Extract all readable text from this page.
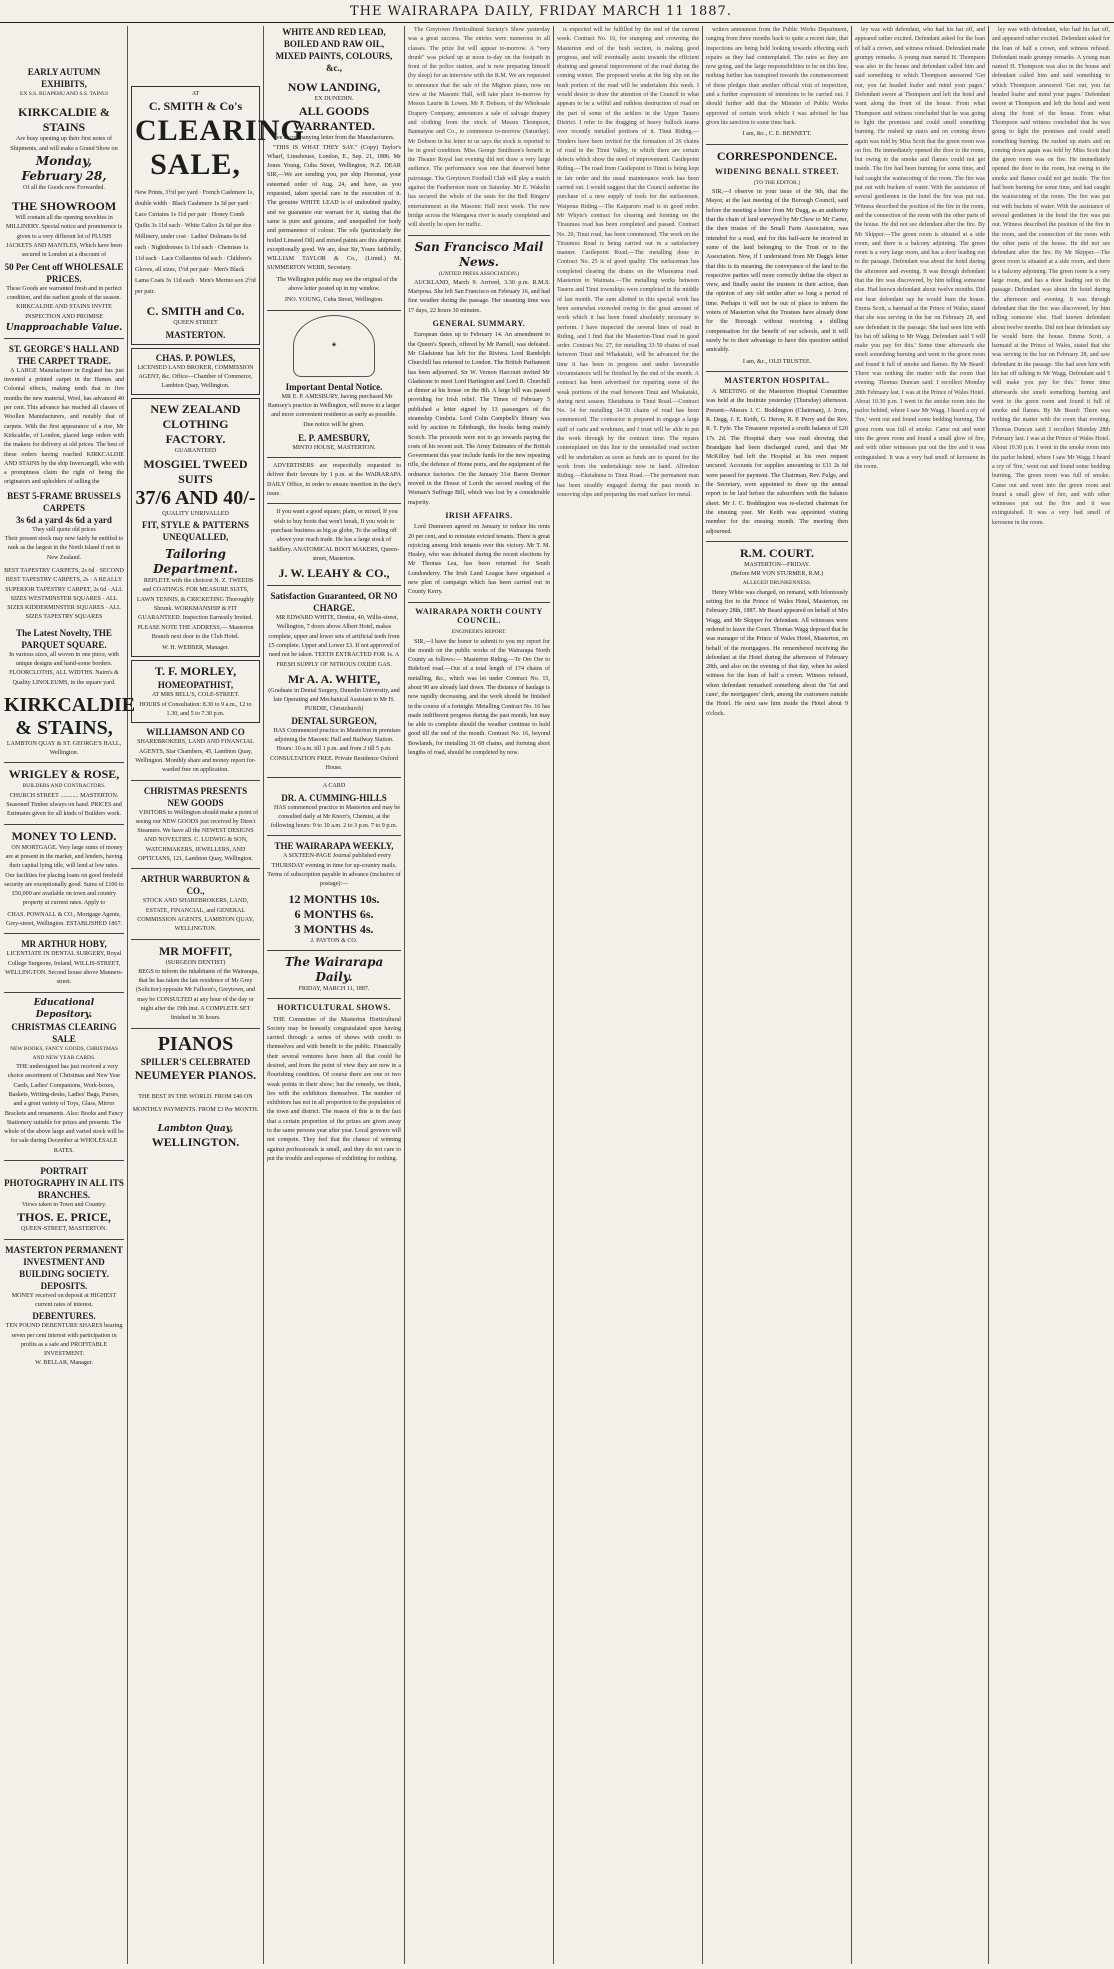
THE WAIRARAPA DAILY, FRIDAY MARCH 11 1887.
EARLY AUTUMN EXHIBITS,
EX S.S. RUAPEHU AND S.S. TAINUI
KIRKCALDIE & STAINS
Are busy opening up their first notes of Shipments, and will make a Grand Show on
Monday, February 28,
Of all the Goods now Forwarded.
THE SHOWROOM
Will contain all the opening novelties in MILLINERY. Special notice and prominence is given to a very different lot of PLUSH JACKETS AND MANTLES, Which have been secured in London at a discount of
50 Per Cent off WHOLESALE PRICES.
These Goods are warranted fresh and in perfect condition, and the earliest goods of the season. KIRKCALDIE AND STAINS INVITE INSPECTION AND PROMISE
Unapproachable Value.
ST. GEORGE'S HALL AND THE CARPET TRADE.

A LARGE Manufacturer in England has just invented a printed carpet in the Hames and Colonial effects, making tenth that in five months the new material, Wool, has advanced 40 per cent. This advance has reached all classes of Woollen Manufacturers, and notably that of carpets. With the first appearance of a rise, Mr Kirkcaldie, of London, placed large orders with the makers for delivery at old prices. The best of these orders having reached KIRKCALDIE AND STAINS by the ship Invercargill, who with a promptness claim the right of being the originators and upholders of selling the

BEST 5-FRAME BRUSSELS CARPETS
3s 6d a yard 4s 6d a yard
They still quote old prices
Their present stock may now fairly be entitled to rank as the largest in the North Island if not in New Zealand.
BEST TAPESTRY CARPETS, 2s 6d · SECOND BEST TAPESTRY CARPETS, 2s · A REALLY SUPERIOR TAPESTRY CARPET, 2s 6d · ALL SIZES WESTMINSTER SQUARES · ALL SIZES KIDDERMINSTER SQUARES · ALL SIZES TAPESTRY SQUARES
The Latest Novelty, THE PARQUET SQUARE.
In various sizes, all woven in one piece, with unique designs and hand-some borders.
FLOORCLOTHS, ALL WIDTHS. Nairn's & Quality LINOLEUMS, in the square yard.
KIRKCALDIE & STAINS,
LAMBTON QUAY & ST. GEORGE'S HALL, Wellington.
WRIGLEY & ROSE,
BUILDERS AND CONTRACTORS.
CHURCH STREET ............ MASTERTON.
Seasoned Timber always on hand. PRICES and Estimates given for all kinds of Builders work.
MONEY TO LEND.

ON MORTGAGE. Very large sums of money are at present in the market, and lenders, having their capital lying idle, will lend at low rates. Our facilities for placing loans on good freehold security are exceptionally good. Sums of £100 to £50,000 are available on town and country property at current rates. Apply to

CHAS. POWNALL & CO., Mortgage Agents, Grey-street, Wellington. ESTABLISHED 1867.
MR ARTHUR HOBY,
LICENTIATE IN DENTAL SURGERY, Royal College Surgeons, Ireland, WILLIS-STREET, WELLINGTON. Second house above Manners-street.
Educational Depository.
CHRISTMAS CLEARING SALE
NEW BOOKS, FANCY GOODS, CHRISTMAS AND NEW YEAR CARDS.

THE undersigned has just received a very choice assortment of Christmas and New Year Cards, Ladies' Companions, Work-boxes, Baskets, Writing-desks, Ladies' Bags, Purses, and a great variety of Toys, Glass, Mirror Brackets and ornaments. Also: Books and Fancy Stationery suitable for prizes and presents. The whole of the above large and varied stock will be for sale during December at WHOLESALE RATES.

PORTRAIT PHOTOGRAPHY IN ALL ITS BRANCHES.
Views taken in Town and Country.
THOS. E. PRICE,
QUEEN-STREET, MASTERTON.
MASTERTON PERMANENT INVESTMENT AND BUILDING SOCIETY.
DEPOSITS.
MONEY received on deposit at HIGHEST current rates of interest.
DEBENTURES.
TEN POUND DEBENTURE SHARES bearing seven per cent interest with participation in profits as a safe and PROFITABLE INVESTMENT.
W. BELLAR, Manager.
AT
C. SMITH & Co's
CLEARING SALE,
New Prints, 3½d per yard · French Cashmere 1s, double width · Black Cashmere 1s 3d per yard · Lace Curtains 1s 11d per pair · Honey Comb Quilts 3s 11d each · White Calico 2s 6d per doz · Millinery, under cost · Ladies' Dolmans 6s 6d each · Nightdresses 1s 11d each · Chemises 1s 11d each · Lace Collarettes 6d each · Children's Gloves, all sizes, 1½d per pair · Men's Black Lama Coats 3s 11d each · Men's Merino sox 2½d per pair.
C. SMITH and Co.
QUEEN STREET
MASTERTON.
CHAS. P. POWLES,
LICENSED LAND BROKER, COMMISSION AGENT, &c. Office—Chamber of Commerce, Lambton Quay, Wellington.
NEW ZEALAND CLOTHING FACTORY.
GUARANTEED
MOSGIEL TWEED SUITS
37/6 AND 40/-
QUALITY UNRIVALLED
FIT, STYLE & PATTERNS UNEQUALLED,
Tailoring Department.

REPLETE with the choicest N. Z. TWEEDS and COATINGS. FOR MEASURE SUITS, LAWN TENNIS, & CRICKETING Thoroughly Shrunk. WORKMANSHIP & FIT GUARANTEED. Inspection Earnestly Invited. PLEASE NOTE THE ADDRESS,— Masterton Branch next door to the Club Hotel.

W. H. WEBBER, Manager.
T. F. MORLEY,
HOMEOPATHIST,
AT MRS BELL'S, COLE-STREET.
HOURS of Consultation: 8.30 to 9 a.m., 12 to 1.30, and 5 to 7.30 p.m.
WILLIAMSON AND CO
SHAREBROKERS, LAND AND FINANCIAL AGENTS, Star Chambers, 45, Lambton Quay, Wellington. Monthly share and money report for-warded free on application.
CHRISTMAS PRESENTS
NEW GOODS

VISITORS to Wellington should make a point of seeing our NEW GOODS just received by Direct Steamers. We have all the NEWEST DESIGNS AND NOVELTIES. C. LUDWIG & SON, WATCHMAKERS, JEWELLERS, AND OPTICIANS, 121, Lambton Quay, Wellington.

ARTHUR WARBURTON & CO.,
STOCK AND SHAREBROKERS, LAND, ESTATE, FINANCIAL, and GENERAL COMMISSION AGENTS, LAMBTON QUAY, WELLINGTON.
MR MOFFIT,
(SURGEON DENTIST)

BEGS to inform the inhabitants of the Wairarapa, that he has taken the late residence of Mr Grey (Solicitor) opposite Mr Falloon's, Greytown, and may be CONSULTED at any hour of the day or night after the 19th inst. A COMPLETE SET finished in 36 hours.

PIANOS
SPILLER'S CELEBRATED
NEUMEYER PIANOS.
THE BEST IN THE WORLD. FROM £40 ON MONTHLY PAYMENTS. FROM £3 Per MONTH.
Lambton Quay,
WELLINGTON.
WHITE AND RED LEAD,
BOILED AND RAW OIL,
MIXED PAINTS, COLOURS, &c.,
NOW LANDING,
EX DUNEDIN.
ALL GOODS WARRANTED.
See accompanying letter from the Manufacturers.

"THIS IS WHAT THEY SAY." (Copy) Taylor's Wharf, Limehouse, London, E., Sep. 21, 1886. Mr Jones Young, Cuba Street, Wellington, N.Z. DEAR SIR,—We are sending you, per ship Horomai, your esteemed order of Aug. 24, and have, as you requested, taken special care in the execution of it. The genuine WHITE LEAD is of undoubted quality, and we guarantee our warrant for it, stating that the same is pure and genuine, and unequalled for body and permanence of colour. The oils (particularly the boiled Linseed Oil) and mixed paints are this shipment exceptionally good. We are, dear Sir, Yours faithfully, WILLIAM TAYLOR & Co., (Limtd.) M. SUMMERTON WEBB, Secretary.

The Wellington public may see the original of the above letter posted up in my window.

JNO. YOUNG, Cuba Street, Wellington.
◈
Important Dental Notice.

MR E. P. AMESBURY, having purchased Mr Ramsey's practice in Wellington, will move to a larger and more convenient residence as early as possible. Due notice will be given.

E. P. AMESBURY,
MINTO HOUSE, MASTERTON.

ADVERTISERS are respectfully requested to deliver their favours by 1 p.m. at the WAIRARAPA DAILY Office, in order to ensure insertion in the day's issue.

If you want a good square, plain, or mixed, If you wish to buy boots that won't break, If you wish to purchase business as big as globe, To the selling off above your reach trade. He has a large stock of Saddlery. ANATOMICAL BOOT MAKERS, Queen-street, Masterton.

J. W. LEAHY & CO.,
Satisfaction Guaranteed, OR NO CHARGE.

MR EDWARD WHITE, Dentist, 40, Willis-street, Wellington, 7 doors above Albert Hotel, makes complete, upper and lower sets of artificial teeth from £5 complete. Upper and Lower £3. If not approved of need not be taken. TEETH EXTRACTED FOR 1s. A FRESH SUPPLY OF NITROUS OXIDE GAS.

Mr A. A. WHITE,
(Graduate in Dental Surgery, Dunedin University, and late Operating and Mechanical Assistant to Mr H. PURDIE, Christchurch)
DENTAL SURGEON,

HAS Commenced practice in Masterton in premises adjoining the Masonic Hall and Railway Station. Hours: 10 a.m. till 1 p.m. and from 2 till 5 p.m. CONSULTATION FREE. Private Residence Oxford House.

A CARD
DR. A. CUMMING-HILLS

HAS commenced practice in Masterton and may be consulted daily at Mr Knorr's, Chemist, at the following hours: 9 to 10 a.m. 2 to 3 p.m. 7 to 9 p.m.

THE WAIRARAPA WEEKLY,

A SIXTEEN-PAGE Journal published every THURSDAY evening in time for up-country mails. Terms of subscription payable in advance (inclusive of postage):—

12 MONTHS 10s.
6 MONTHS 6s.
3 MONTHS 4s.
J. PAYTON & CO.
The Wairarapa Daily.
FRIDAY, MARCH 11, 1887.
HORTICULTURAL SHOWS.

THE Committee of the Masterton Horticultural Society may be honestly congratulated upon having carried through a series of shows with credit to themselves and with benefit to the public. Financially their several ventures have been all that could be desired, and from the point of view they are now in a flourishing condition. Of course there are one or two weak points in their show; but the remedy, we think, lies with the exhibitors themselves. The number of exhibitors has not in all proportion to the population of the town and district. The reason of this is in the fact that a certain proportion of the prizes are given away to the same persons year after year. Local growers will not compete. They feel that the chance of winning against professionals is small, and they do not care to put the trouble and expense of exhibiting for nothing.

The Greytown Horticultural Society's Show yesterday was a great success. The entries were numerous in all classes. The prize list will appear to-morrow. A "very drunk" was picked up at noon to-day on the footpath in front of the police station, and is now preparing himself (by sleep) for an interview with the R.M. We are requested to announce that the sale of the Mignon piano, now on view at the Masonic Hall, will take place to-morrow by Messrs Laurie & Lowes. Mr P. Dobson, of the Wholesale Drapery Company, announces a sale of salvage drapery and clothing from the stock of Messrs Thompson, Bannatyne and Co., to commence to-morrow (Saturday). Mr Dobson in his letter to us says the stock is reported to be in good condition. Miss George Smithson's benefit in the Theatre Royal last evening did not draw a very large audience. The performance was one that deserved better patronage. The Greytown Football Club will play a match against the Featherston team on Saturday. Mr E. Wakelin has secured the whole of the seats for the Bell Ringers' entertainment at the Masonic Hall next week. The new bridge across the Waingawa river is nearly completed and will shortly be open for traffic.

San Francisco Mail News.
(UNITED PRESS ASSOCIATION.)

AUCKLAND, March 9. Arrived, 3.30 p.m. R.M.S. Mariposa. She left San Francisco on February 16, and had fine weather during the passage. Her steaming time was 17 days, 22 hours 30 minutes.

GENERAL SUMMARY.

European dates up to February 14. An amendment to the Queen's Speech, offered by Mr Parnell, was defeated. Mr Gladstone has left for the Riviera. Lord Randolph Churchill has returned to London. The British Parliament has been adjourned. Sir W. Vernon Harcourt invited Mr Gladstone to meet Lord Hartington and Lord R. Churchill at dinner at his house on the 8th. A large bill was passed providing for Irish relief. The Times of February 5 published a letter signed by 13 passengers of the steamship Cimbria. Lord Colin Campbell's library was sold by auction in Edinburgh, the books being mainly Scotch. The proceeds were not to go towards paying the costs of his recent suit. The Army Estimates of the British Government this year include funds for the new repeating rifle, the defence of Home ports, and the equipment of the ordnance factories. On the January 31st Baron Dormer moved in the House of Lords the second reading of the Woman's Suffrage Bill, which was lost by a considerable majority.

IRISH AFFAIRS.

Lord Dunraven agreed on January to reduce his rents 20 per cent, and to reinstate evicted tenants. There is great rejoicing among Irish tenants over this victory. Mr T. M. Healey, who was defeated during the recent elections by Mr Thomas Lea, has been returned for South Londonderry. The Irish Land League have organised a new plan of campaign which has been carried out in County Kerry.

WAIRARAPA NORTH COUNTY COUNCIL.
ENGINEER'S REPORT.

SIR,—I have the honor to submit to you my report for the month on the public works of the Wairarapa North County as follows:— Masterton Riding.—Te Ore Ore to Bideford road.—Out of a total length of 174 chains of metalling, &c., which was let under Contract No. 15, about 90 are already laid down. The distance of haulage is now rapidly decreasing, and the work should be finished in the course of a fortnight. Metalling Contract No. 16 has made indifferent progress during the past month, but may be able to complete should the weather continue to hold good till the end of the month. Contract No. 16, beyond Bowlands, for metalling 31·68 chains, and forming short lengths of road, should be completed by now.

is expected will be fulfilled by the end of the current week. Contract No. 16, for stumping and crowning the Masterton end of the bush section, is making good progress, and will eventually assist towards the efficient draining and general improvement of the road during the coming winter. The proposed works at the big slip on the bush portion of the road will be undertaken this week. I would desire to draw the attention of the Council to what appears to be a wilful and ruthless destruction of road on the part of some of the settlers in the Upper Taueru District. I refer to the dragging of heavy bullock teams over recently metalled portions of it. Tinui Riding.—Tenders have been invited for the formation of 26 chains of road in the Tinui Valley, in which there are certain defects which show the need of improvement. Castlepoint Riding.—The road from Castlepoint to Tinui is being kept in fair order and the usual maintenance work has been carried out. I would suggest that the Council authorise the purchase of a new supply of tools for the surfacemen. Waipoua Riding.—The Kaiparoro road is in good order. Mr Whyte's contract for clearing and forming on the Tiraumea road has been completed and passed. Contract No. 20, Tinui road, has been commenced. The work on the Tiraumea Road is being carried out in a satisfactory manner. Castlepoint Road.—The metalling done in Contract No. 25 is of good quality. The surfaceman has completed clearing the drains on the Whareama road. Masterton to Waimata.—The metalling works between Taueru and Tinui townships were completed in the middle of last month. The sum allotted to this special work has been somewhat exceeded owing to the great amount of work which it has been found absolutely necessary to perform. I have inspected the several lines of road in Riding, and I find that the Masterton-Tinui road in good order. Contract No. 27, for metalling 33·50 chains of road between Tinui and Whakataki, will be advanced for the time it has been in progress and under favourable circumstances will be finished by the end of the month. A contract has been advertised for repairing some of the weak portions of the road between Tinui and Whakataki, during next season. Eketahuna to Tinui Road.—Contract No. 14 for metalling 34·50 chains of road has been commenced. The contractor is prepared to engage a large staff of carts and workmen, and I trust will be able to put the work through by the contract time. The repairs contemplated on this line to the unmetalled road section will be undertaken as soon as funds are to spared for the work from the undertakings now in hand. Alfredton Riding.—Eketahuna to Tinui Road.—The permanent man has been steadily engaged during the past month in removing slips and preparing the road surface for metal.

writers announces from the Public Works Department, ranging from three months back to quite a recent date, that inspections are being held looking towards effecting such repairs as they had contemplated. The rates as they are now going, and the large responsibilities to be on this line, nothing further has transpired towards the commencement of these pledges than another official visit of inspection, and a further expression of intentions to be carried out. I should further add that the Minister of Public Works approved of certain work which I was advised he has given his sanction to some time back.

I am, &c., C. E. BENNETT.
CORRESPONDENCE.
WIDENING BENALL STREET.
[TO THE EDITOR.]

SIR,—I observe in your issue of the 9th, that the Mayor, at the last meeting of the Borough Council, said before the meeting a letter from Mr Dagg, as an authority that the chain of land surveyed by Mr Chew to Mr Carter, the then trustee of the Small Farm Association, was intended for a road, and for this half-acre he received in some of the land belonging to the Trust or to the Association. Now, if I understand from Mr Dagg's letter that this is its meaning, the conveyance of the land to the respective parties will more correctly define the object in view, and finally assist the trustees in their action, than the opinion of any old settler after so long a period of time. Perhaps it will not be out of place to inform the voters of Masterton what the Trustees have already done for the Borough without receiving a shilling compensation for the benefit of our schools, and it will surely be to their advantage to have this question settled amicably.

I am, &c., OLD TRUSTEE.
MASTERTON HOSPITAL.

A MEETING of the Masterton Hospital Committee was held at the Institute yesterday (Thursday) afternoon. Present—Messrs J. C. Boddington (Chairman), J. Irons, R. Dagg, J. E. Keith, G. Heron, R. P. Perry and the Rev. R. T. Fyfe. The Treasurer reported a credit balance of £20 17s 2d. The Hospital diary was read showing that Brandgate had been discharged cured, and that Mr McKilloy had left the Hospital at his own request uncured. Accounts for supplies amounting to £11 2s 6d were passed for payment. The Chairman, Rev. Fulge, and the Secretary, were appointed to draw up the annual report to be laid before the subscribers with the balance sheet. Mr J. C. Boddington was re-elected chairman for the ensuing year. Mr Keith was appointed visiting member for the ensuing month. The meeting then adjourned.

R.M. COURT.
MASTERTON—FRIDAY.
(Before MR VON STURMER, R.M.)
ALLEGED DRUNKENNESS.

Henry White was charged, on remand, with feloniously setting fire to the Prince of Wales Hotel, Masterton, on February 28th, 1887. Mr Beard appeared on behalf of Mrs Wagg, and Mr Skipper for defendant. All witnesses were ordered to leave the Court. Thomas Wagg deposed that he was manager of the Prince of Wales Hotel, Masterton, on behalf of the mortgagees. He remembered receiving the defendant at the Hotel during the afternoon of February 28th, and also on the evening of that day, when he asked witness for the loan of half a crown. Witness refused, when defendant remarked something about the 'fat and cane', the mortgagees' clerk, among the customers outside the Hotel. He next saw him inside the Hotel about 9 o'clock.

ley was with defendant, who had his hat off, and appeared rather excited. Defendant asked for the loan of half a crown, and witness refused. Defendant made grumpy remarks. A young man named H. Thompson was also in the house and defendant called him and said something to which Thompson answered 'Get out, you fat headed loafer and mind your pages.' Defendant swore at Thompson and left the hotel and went along the front of the house. From what Thompson said witness concluded that he was going to light the premises and could smell something burning. He rushed up stairs and on coming down again was told by Miss Scott that the green room was on fire. He immediately opened the door to the room, but owing to the smoke and flames could not get inside. The fire had been burning for some time, and had caught the wainscoting of the room. The fire was put out with buckets of water. With the assistance of several gentlemen in the hotel the fire was put out. Witness described the position of the fire in the room, and the connection of the room with the other parts of the house. He did not see defendant after the fire. By Mr Skipper.—The green room is situated at a side room, and there is a balcony adjoining. The green room is a very large room, and has a door leading out to the passage. Defendant was about the hotel during the afternoon and evening. It was through defendant that the fire was discovered, by him telling someone else. Had known defendant about twelve months. Did not hear defendant say he would burn the house. Emma Scott, a barmaid at the Prince of Wales, stated that she was serving in the bar on February 28, and saw defendant in the passage. She had seen him with his hat off talking to Mr Wagg. Defendant said 'I will make you pay for this.' Some time afterwards she smelt something burning and went to the green room and found it full of smoke and flames. By Mr Beard: There was nothing the matter with the room that evening. Thomas Duncan said: I recollect Monday 28th February last. I was at the Prince of Wales Hotel. About 10.30 p.m. I went in the smoke room into the parlor behind, where I saw Mr Wagg. I heard a cry of 'fire,' went out and found some bedding burning. The green room was full of smoke. Came out and went into the green room and found a small glow of fire, and with other witnesses put out the fire and it was extinguished. It was a very bad smell of kerosene in the room.

ley was with defendant, who had his hat off, and appeared rather excited. Defendant asked for the loan of half a crown, and witness refused. Defendant made grumpy remarks. A young man named H. Thompson was also in the house and defendant called him and said something to which Thompson answered 'Get out, you fat headed loafer and mind your pages.' Defendant swore at Thompson and left the hotel and went along the front of the house. From what Thompson said witness concluded that he was going to light the premises and could smell something burning. He rushed up stairs and on coming down again was told by Miss Scott that the green room was on fire. He immediately opened the door to the room, but owing to the smoke and flames could not get inside. The fire had been burning for some time, and had caught the wainscoting of the room. The fire was put out with buckets of water. With the assistance of several gentlemen in the hotel the fire was put out. Witness described the position of the fire in the room, and the connection of the room with the other parts of the house. He did not see defendant after the fire. By Mr Skipper.—The green room is situated at a side room, and there is a balcony adjoining. The green room is a very large room, and has a door leading out to the passage. Defendant was about the hotel during the afternoon and evening. It was through defendant that the fire was discovered, by him telling someone else. Had known defendant about twelve months. Did not hear defendant say he would burn the house. Emma Scott, a barmaid at the Prince of Wales, stated that she was serving in the bar on February 28, and saw defendant in the passage. She had seen him with his hat off talking to Mr Wagg. Defendant said 'I will make you pay for this.' Some time afterwards she smelt something burning and went to the green room and found it full of smoke and flames. By Mr Beard: There was nothing the matter with the room that evening. Thomas Duncan said: I recollect Monday 28th February last. I was at the Prince of Wales Hotel. About 10.30 p.m. I went in the smoke room into the parlor behind, where I saw Mr Wagg. I heard a cry of 'fire,' went out and found some bedding burning. The green room was full of smoke. Came out and went into the green room and found a small glow of fire, and with other witnesses put out the fire and it was extinguished. It was a very bad smell of kerosene in the room.
